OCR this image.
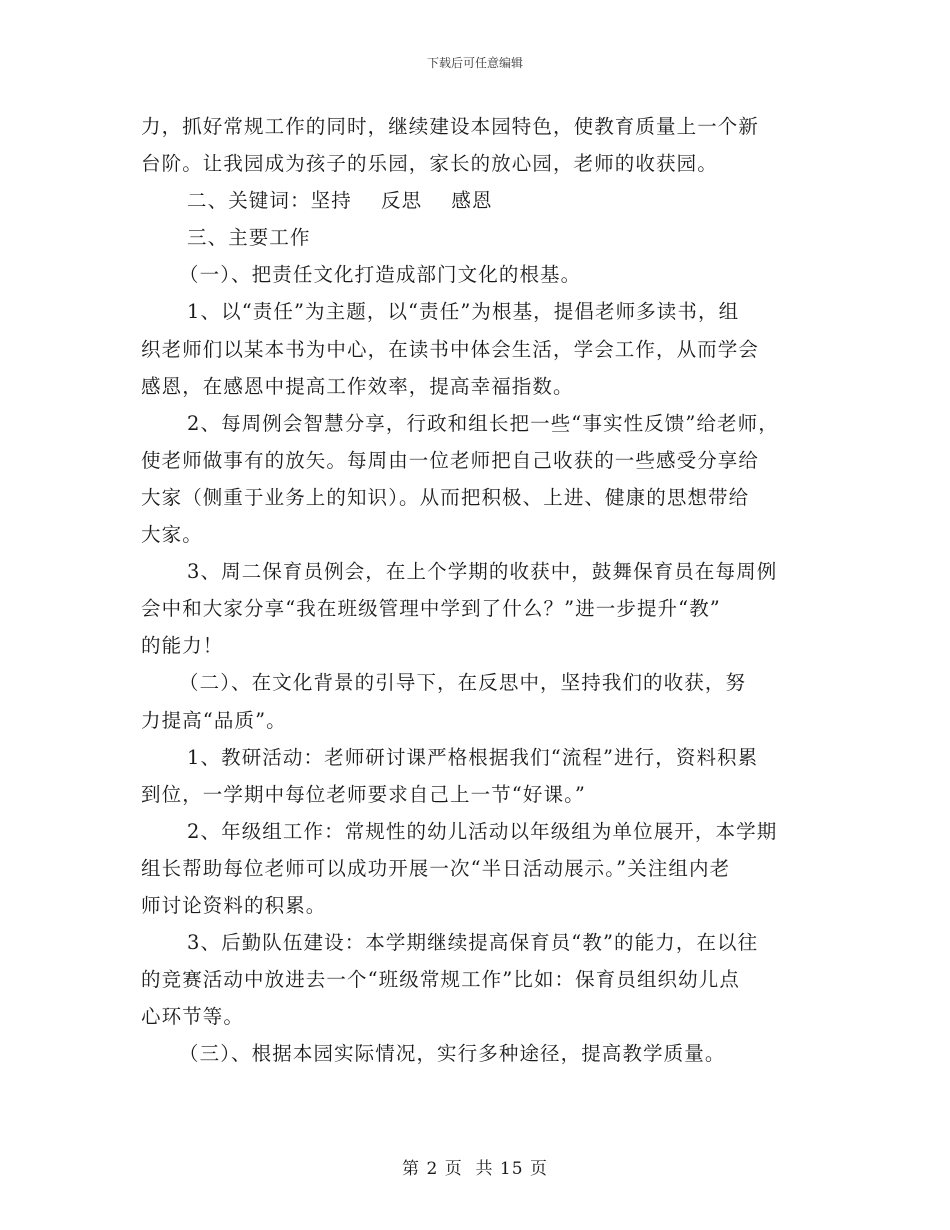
下载后可任意编辑
力，抓好常规工作的同时，继续建设本园特色，使教育质量上一个新
台阶。让我园成为孩子的乐园，家长的放心园，老师的收获园。
二、关键词：坚持    反思    感恩
三、主要工作
（一）、把责任文化打造成部门文化的根基。
1、以“责任”为主题，以“责任”为根基，提倡老师多读书，组
织老师们以某本书为中心，在读书中体会生活，学会工作，从而学会
感恩，在感恩中提高工作效率，提高幸福指数。
2、每周例会智慧分享，行政和组长把一些“事实性反馈”给老师，
使老师做事有的放矢。每周由一位老师把自己收获的一些感受分享给
大家（侧重于业务上的知识）。从而把积极、上进、健康的思想带给
大家。
3、周二保育员例会，在上个学期的收获中，鼓舞保育员在每周例
会中和大家分享“我在班级管理中学到了什么？”进一步提升“教”
的能力！
（二）、在文化背景的引导下，在反思中，坚持我们的收获，努
力提高“品质”。
1、教研活动：老师研讨课严格根据我们“流程”进行，资料积累
到位，一学期中每位老师要求自己上一节“好课。”
2、年级组工作：常规性的幼儿活动以年级组为单位展开，本学期
组长帮助每位老师可以成功开展一次“半日活动展示。”关注组内老
师讨论资料的积累。
3、后勤队伍建设：本学期继续提高保育员“教”的能力，在以往
的竞赛活动中放进去一个“班级常规工作”比如：保育员组织幼儿点
心环节等。
（三）、根据本园实际情况，实行多种途径，提高教学质量。
第 2 页  共 15 页
